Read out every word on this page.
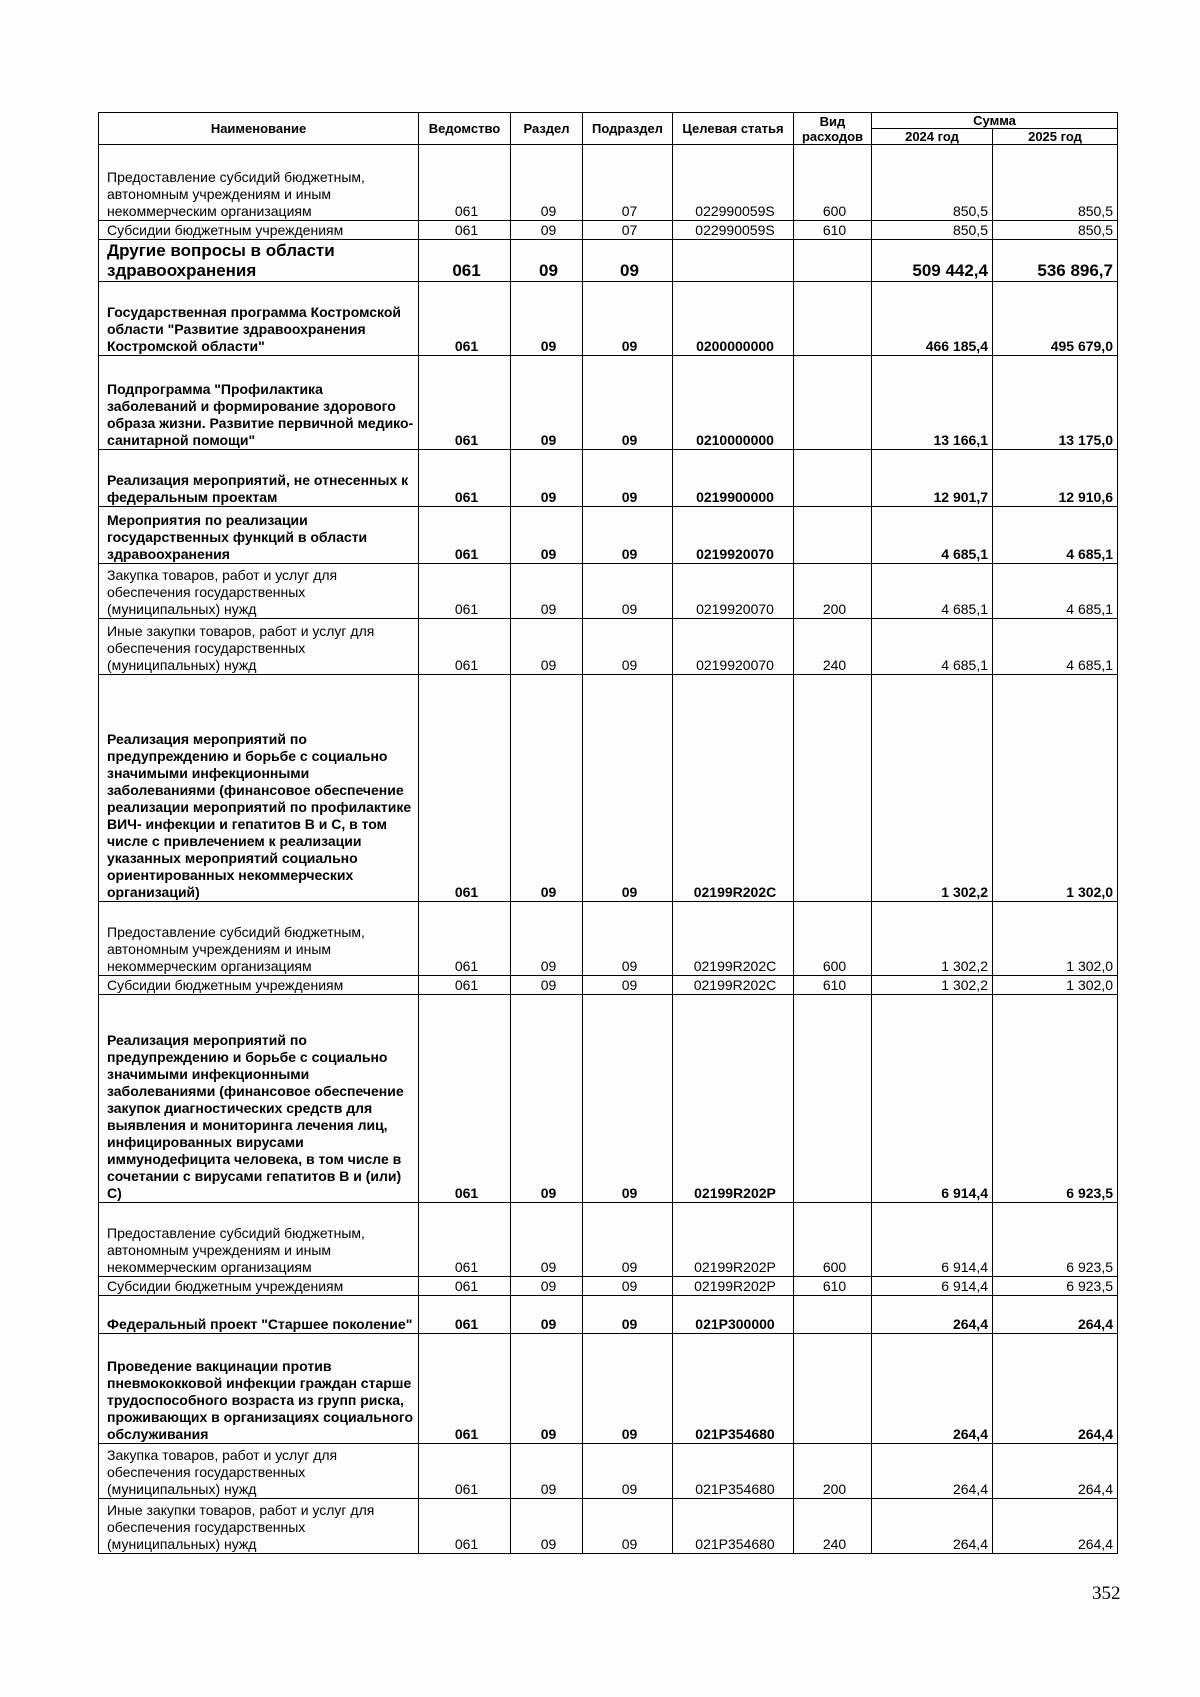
Наименование	Ведомство	Раздел	Подраздел	Целевая статья	Вид расходов	Сумма	
						2024 год	2025 год
Предоставление субсидий бюджетным, автономным учреждениям и иным некоммерческим организациям	061	09	07	022990059S	600	850,5	850,5
Субсидии бюджетным учреждениям	061	09	07	022990059S	610	850,5	850,5
Другие вопросы в области здравоохранения	061	09	09			509 442,4	536 896,7
Государственная программа Костромской области "Развитие здравоохранения Костромской области"	061	09	09	0200000000		466 185,4	495 679,0
Подпрограмма "Профилактика заболеваний и формирование здорового образа жизни. Развитие первичной медико-санитарной помощи"	061	09	09	0210000000		13 166,1	13 175,0
Реализация мероприятий, не отнесенных к федеральным проектам	061	09	09	0219900000		12 901,7	12 910,6
Мероприятия по реализации государственных функций в области здравоохранения	061	09	09	0219920070		4 685,1	4 685,1
Закупка товаров, работ и услуг для обеспечения государственных (муниципальных) нужд	061	09	09	0219920070	200	4 685,1	4 685,1
Иные закупки товаров, работ и услуг для обеспечения государственных (муниципальных) нужд	061	09	09	0219920070	240	4 685,1	4 685,1
Реализация мероприятий по предупреждению и борьбе с социально значимыми инфекционными заболеваниями (финансовое обеспечение реализации мероприятий по профилактике ВИЧ- инфекции и гепатитов В и С, в том числе с привлечением к реализации указанных мероприятий социально ориентированных некоммерческих организаций)	061	09	09	02199R202C		1 302,2	1 302,0
Предоставление субсидий бюджетным, автономным учреждениям и иным некоммерческим организациям	061	09	09	02199R202C	600	1 302,2	1 302,0
Субсидии бюджетным учреждениям	061	09	09	02199R202C	610	1 302,2	1 302,0
Реализация мероприятий по предупреждению и борьбе с социально значимыми инфекционными заболеваниями (финансовое обеспечение закупок диагностических средств для выявления и мониторинга лечения лиц, инфицированных вирусами иммунодефицита человека, в том числе в сочетании с вирусами гепатитов В и (или) С)	061	09	09	02199R202P		6 914,4	6 923,5
Предоставление субсидий бюджетным, автономным учреждениям и иным некоммерческим организациям	061	09	09	02199R202P	600	6 914,4	6 923,5
Субсидии бюджетным учреждениям	061	09	09	02199R202P	610	6 914,4	6 923,5
Федеральный проект "Старшее поколение"	061	09	09	021P300000		264,4	264,4
Проведение вакцинации против пневмококковой инфекции граждан старше трудоспособного возраста из групп риска, проживающих в организациях социального обслуживания	061	09	09	021P354680		264,4	264,4
Закупка товаров, работ и услуг для обеспечения государственных (муниципальных) нужд	061	09	09	021P354680	200	264,4	264,4
Иные закупки товаров, работ и услуг для обеспечения государственных (муниципальных) нужд	061	09	09	021P354680	240	264,4	264,4
352
